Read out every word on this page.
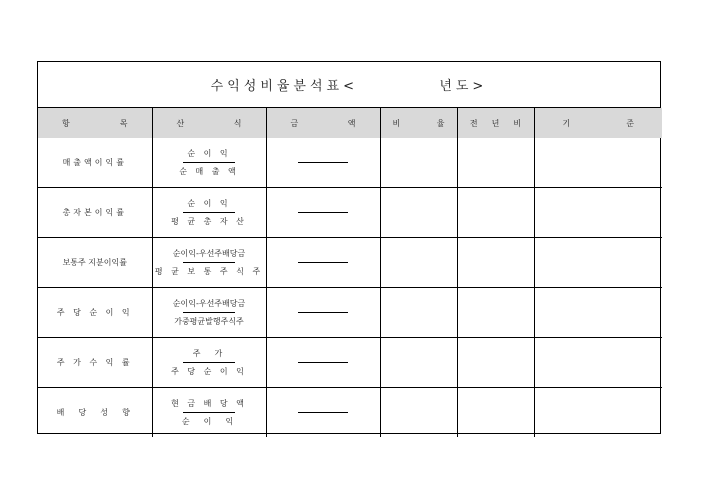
수익성비율분석표<          년도>
항 목	산 식	금 액	비 율	전 년 비	기 준

매출액이익률	순 이 익
순 매 출 액				

총자본이익률	순 이 익
평 균 총 자 산				

보통주 지분이익률	순이익-우선주배당금
평 균 보 통 주 식 주				

주 당 순 이 익	순이익-우선주배당금
가중평균발행주식주				

주 가 수 익 률	주  가
주 당 순 이 익				

배  당  성  향	현 금 배 당 액
순  이  익				
